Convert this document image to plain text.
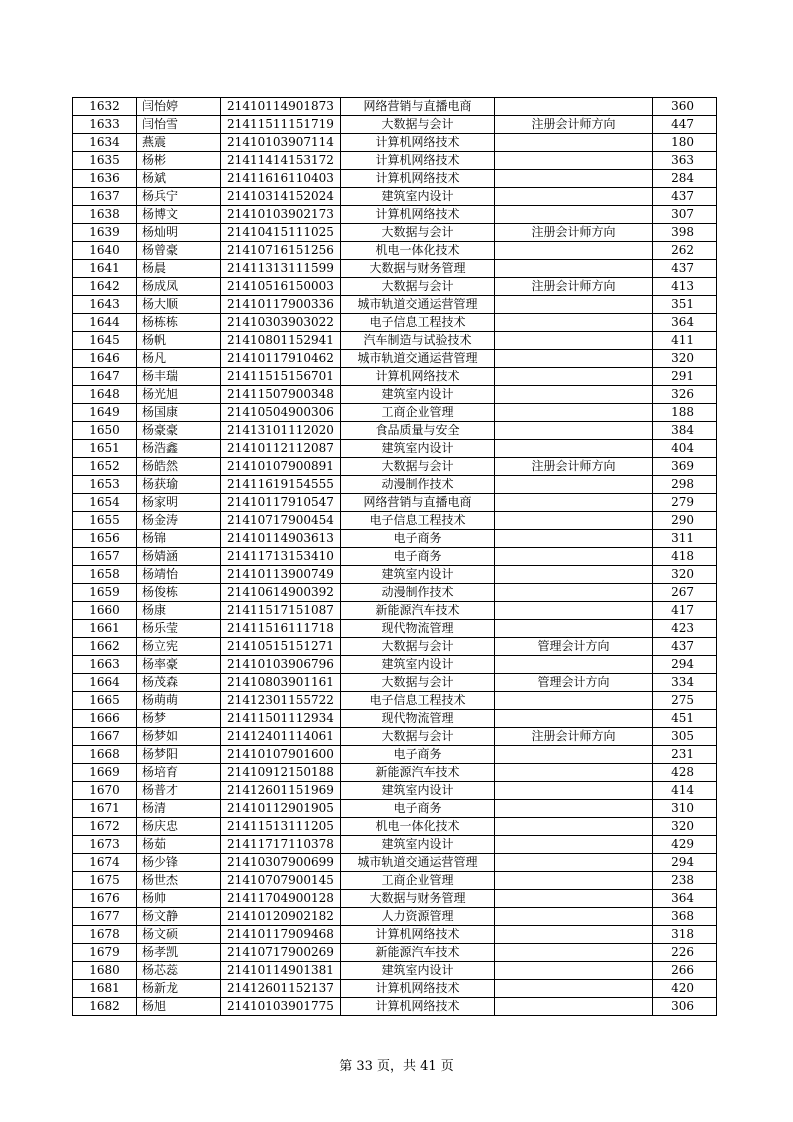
1632	闫怡婷	21410114901873	网络营销与直播电商		360
1633	闫怡雪	21411511151719	大数据与会计	注册会计师方向	447
1634	燕震	21410103907114	计算机网络技术		180
1635	杨彬	21411414153172	计算机网络技术		363
1636	杨斌	21411616110403	计算机网络技术		284
1637	杨兵宁	21410314152024	建筑室内设计		437
1638	杨博文	21410103902173	计算机网络技术		307
1639	杨灿明	21410415111025	大数据与会计	注册会计师方向	398
1640	杨曾豪	21410716151256	机电一体化技术		262
1641	杨晨	21411313111599	大数据与财务管理		437
1642	杨成凤	21410516150003	大数据与会计	注册会计师方向	413
1643	杨大顺	21410117900336	城市轨道交通运营管理		351
1644	杨栋栋	21410303903022	电子信息工程技术		364
1645	杨帆	21410801152941	汽车制造与试验技术		411
1646	杨凡	21410117910462	城市轨道交通运营管理		320
1647	杨丰瑞	21411515156701	计算机网络技术		291
1648	杨光旭	21411507900348	建筑室内设计		326
1649	杨国康	21410504900306	工商企业管理		188
1650	杨豪豪	21413101112020	食品质量与安全		384
1651	杨浩鑫	21410112112087	建筑室内设计		404
1652	杨皓然	21410107900891	大数据与会计	注册会计师方向	369
1653	杨获瑜	21411619154555	动漫制作技术		298
1654	杨家明	21410117910547	网络营销与直播电商		279
1655	杨金涛	21410717900454	电子信息工程技术		290
1656	杨锦	21410114903613	电子商务		311
1657	杨婧涵	21411713153410	电子商务		418
1658	杨靖怡	21410113900749	建筑室内设计		320
1659	杨俊栋	21410614900392	动漫制作技术		267
1660	杨康	21411517151087	新能源汽车技术		417
1661	杨乐莹	21411516111718	现代物流管理		423
1662	杨立宪	21410515151271	大数据与会计	管理会计方向	437
1663	杨率豪	21410103906796	建筑室内设计		294
1664	杨茂森	21410803901161	大数据与会计	管理会计方向	334
1665	杨萌萌	21412301155722	电子信息工程技术		275
1666	杨梦	21411501112934	现代物流管理		451
1667	杨梦如	21412401114061	大数据与会计	注册会计师方向	305
1668	杨梦阳	21410107901600	电子商务		231
1669	杨培育	21410912150188	新能源汽车技术		428
1670	杨普才	21412601151969	建筑室内设计		414
1671	杨清	21410112901905	电子商务		310
1672	杨庆忠	21411513111205	机电一体化技术		320
1673	杨茹	21411717110378	建筑室内设计		429
1674	杨少锋	21410307900699	城市轨道交通运营管理		294
1675	杨世杰	21410707900145	工商企业管理		238
1676	杨帅	21411704900128	大数据与财务管理		364
1677	杨文静	21410120902182	人力资源管理		368
1678	杨文硕	21410117909468	计算机网络技术		318
1679	杨孝凯	21410717900269	新能源汽车技术		226
1680	杨芯蕊	21410114901381	建筑室内设计		266
1681	杨新龙	21412601152137	计算机网络技术		420
1682	杨旭	21410103901775	计算机网络技术		306
第 33 页，共 41 页
